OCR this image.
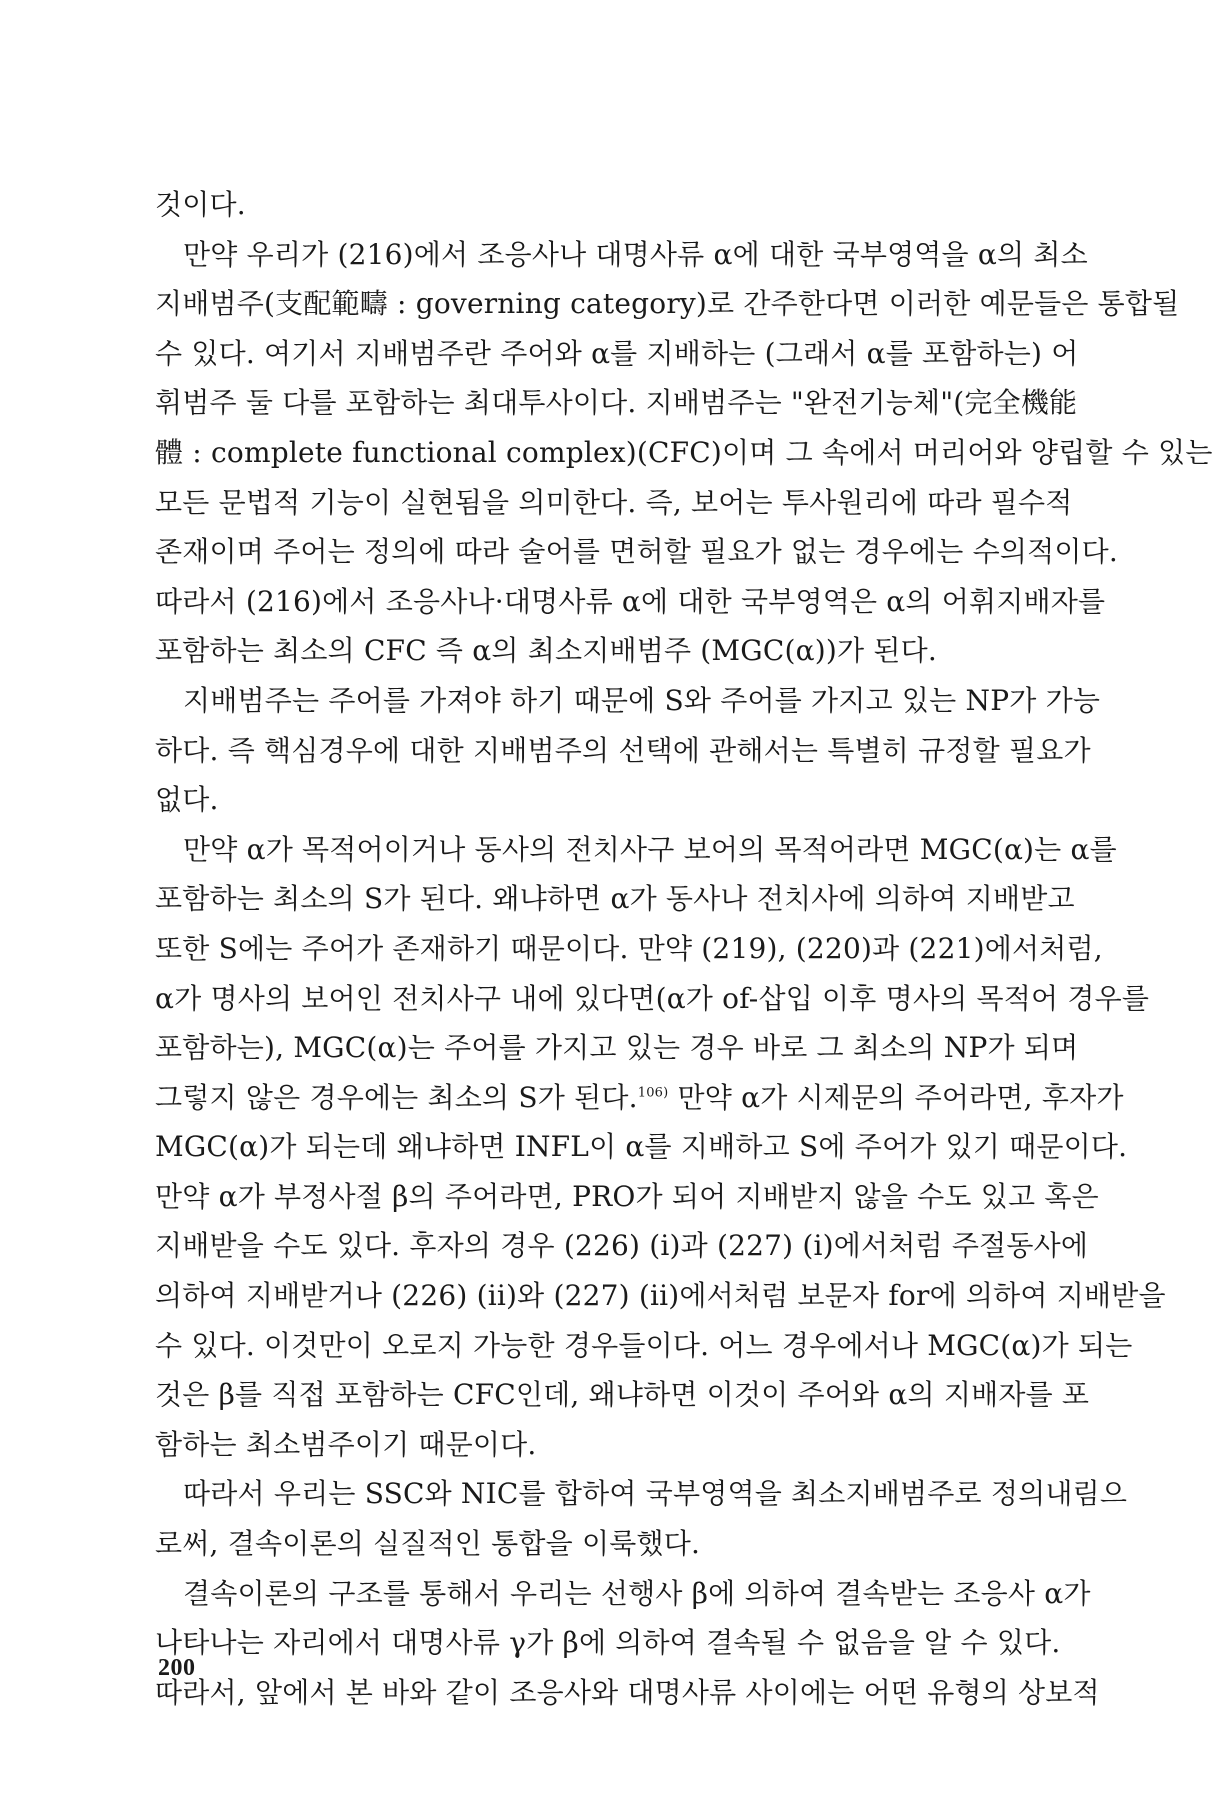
것이다.
만약 우리가 (216)에서 조응사나 대명사류 α에 대한 국부영역을 α의 최소
지배범주(支配範疇 : governing category)로 간주한다면 이러한 예문들은 통합될
수 있다. 여기서 지배범주란 주어와 α를 지배하는 (그래서 α를 포함하는) 어
휘범주 둘 다를 포함하는 최대투사이다. 지배범주는 "완전기능체"(完全機能
體 : complete functional complex)(CFC)이며 그 속에서 머리어와 양립할 수 있는
모든 문법적 기능이 실현됨을 의미한다. 즉, 보어는 투사원리에 따라 필수적
존재이며 주어는 정의에 따라 술어를 면허할 필요가 없는 경우에는 수의적이다.
따라서 (216)에서 조응사나·대명사류 α에 대한 국부영역은 α의 어휘지배자를
포함하는 최소의 CFC 즉 α의 최소지배범주 (MGC(α))가 된다.
지배범주는 주어를 가져야 하기 때문에 S와 주어를 가지고 있는 NP가 가능
하다. 즉 핵심경우에 대한 지배범주의 선택에 관해서는 특별히 규정할 필요가
없다.
만약 α가 목적어이거나 동사의 전치사구 보어의 목적어라면 MGC(α)는 α를
포함하는 최소의 S가 된다. 왜냐하면 α가 동사나 전치사에 의하여 지배받고
또한 S에는 주어가 존재하기 때문이다. 만약 (219), (220)과 (221)에서처럼,
α가 명사의 보어인 전치사구 내에 있다면(α가 of-삽입 이후 명사의 목적어 경우를
포함하는), MGC(α)는 주어를 가지고 있는 경우 바로 그 최소의 NP가 되며
그렇지 않은 경우에는 최소의 S가 된다.$^{106)}$ 만약 α가 시제문의 주어라면, 후자가
MGC(α)가 되는데 왜냐하면 INFL이 α를 지배하고 S에 주어가 있기 때문이다.
만약 α가 부정사절 β의 주어라면, PRO가 되어 지배받지 않을 수도 있고 혹은
지배받을 수도 있다. 후자의 경우 (226) (i)과 (227) (i)에서처럼 주절동사에
의하여 지배받거나 (226) (ii)와 (227) (ii)에서처럼 보문자 for에 의하여 지배받을
수 있다. 이것만이 오로지 가능한 경우들이다. 어느 경우에서나 MGC(α)가 되는
것은 β를 직접 포함하는 CFC인데, 왜냐하면 이것이 주어와 α의 지배자를 포
함하는 최소범주이기 때문이다.
따라서 우리는 SSC와 NIC를 합하여 국부영역을 최소지배범주로 정의내림으
로써, 결속이론의 실질적인 통합을 이룩했다.
결속이론의 구조를 통해서 우리는 선행사 β에 의하여 결속받는 조응사 α가
나타나는 자리에서 대명사류 γ가 β에 의하여 결속될 수 없음을 알 수 있다.
따라서, 앞에서 본 바와 같이 조응사와 대명사류 사이에는 어떤 유형의 상보적
200
